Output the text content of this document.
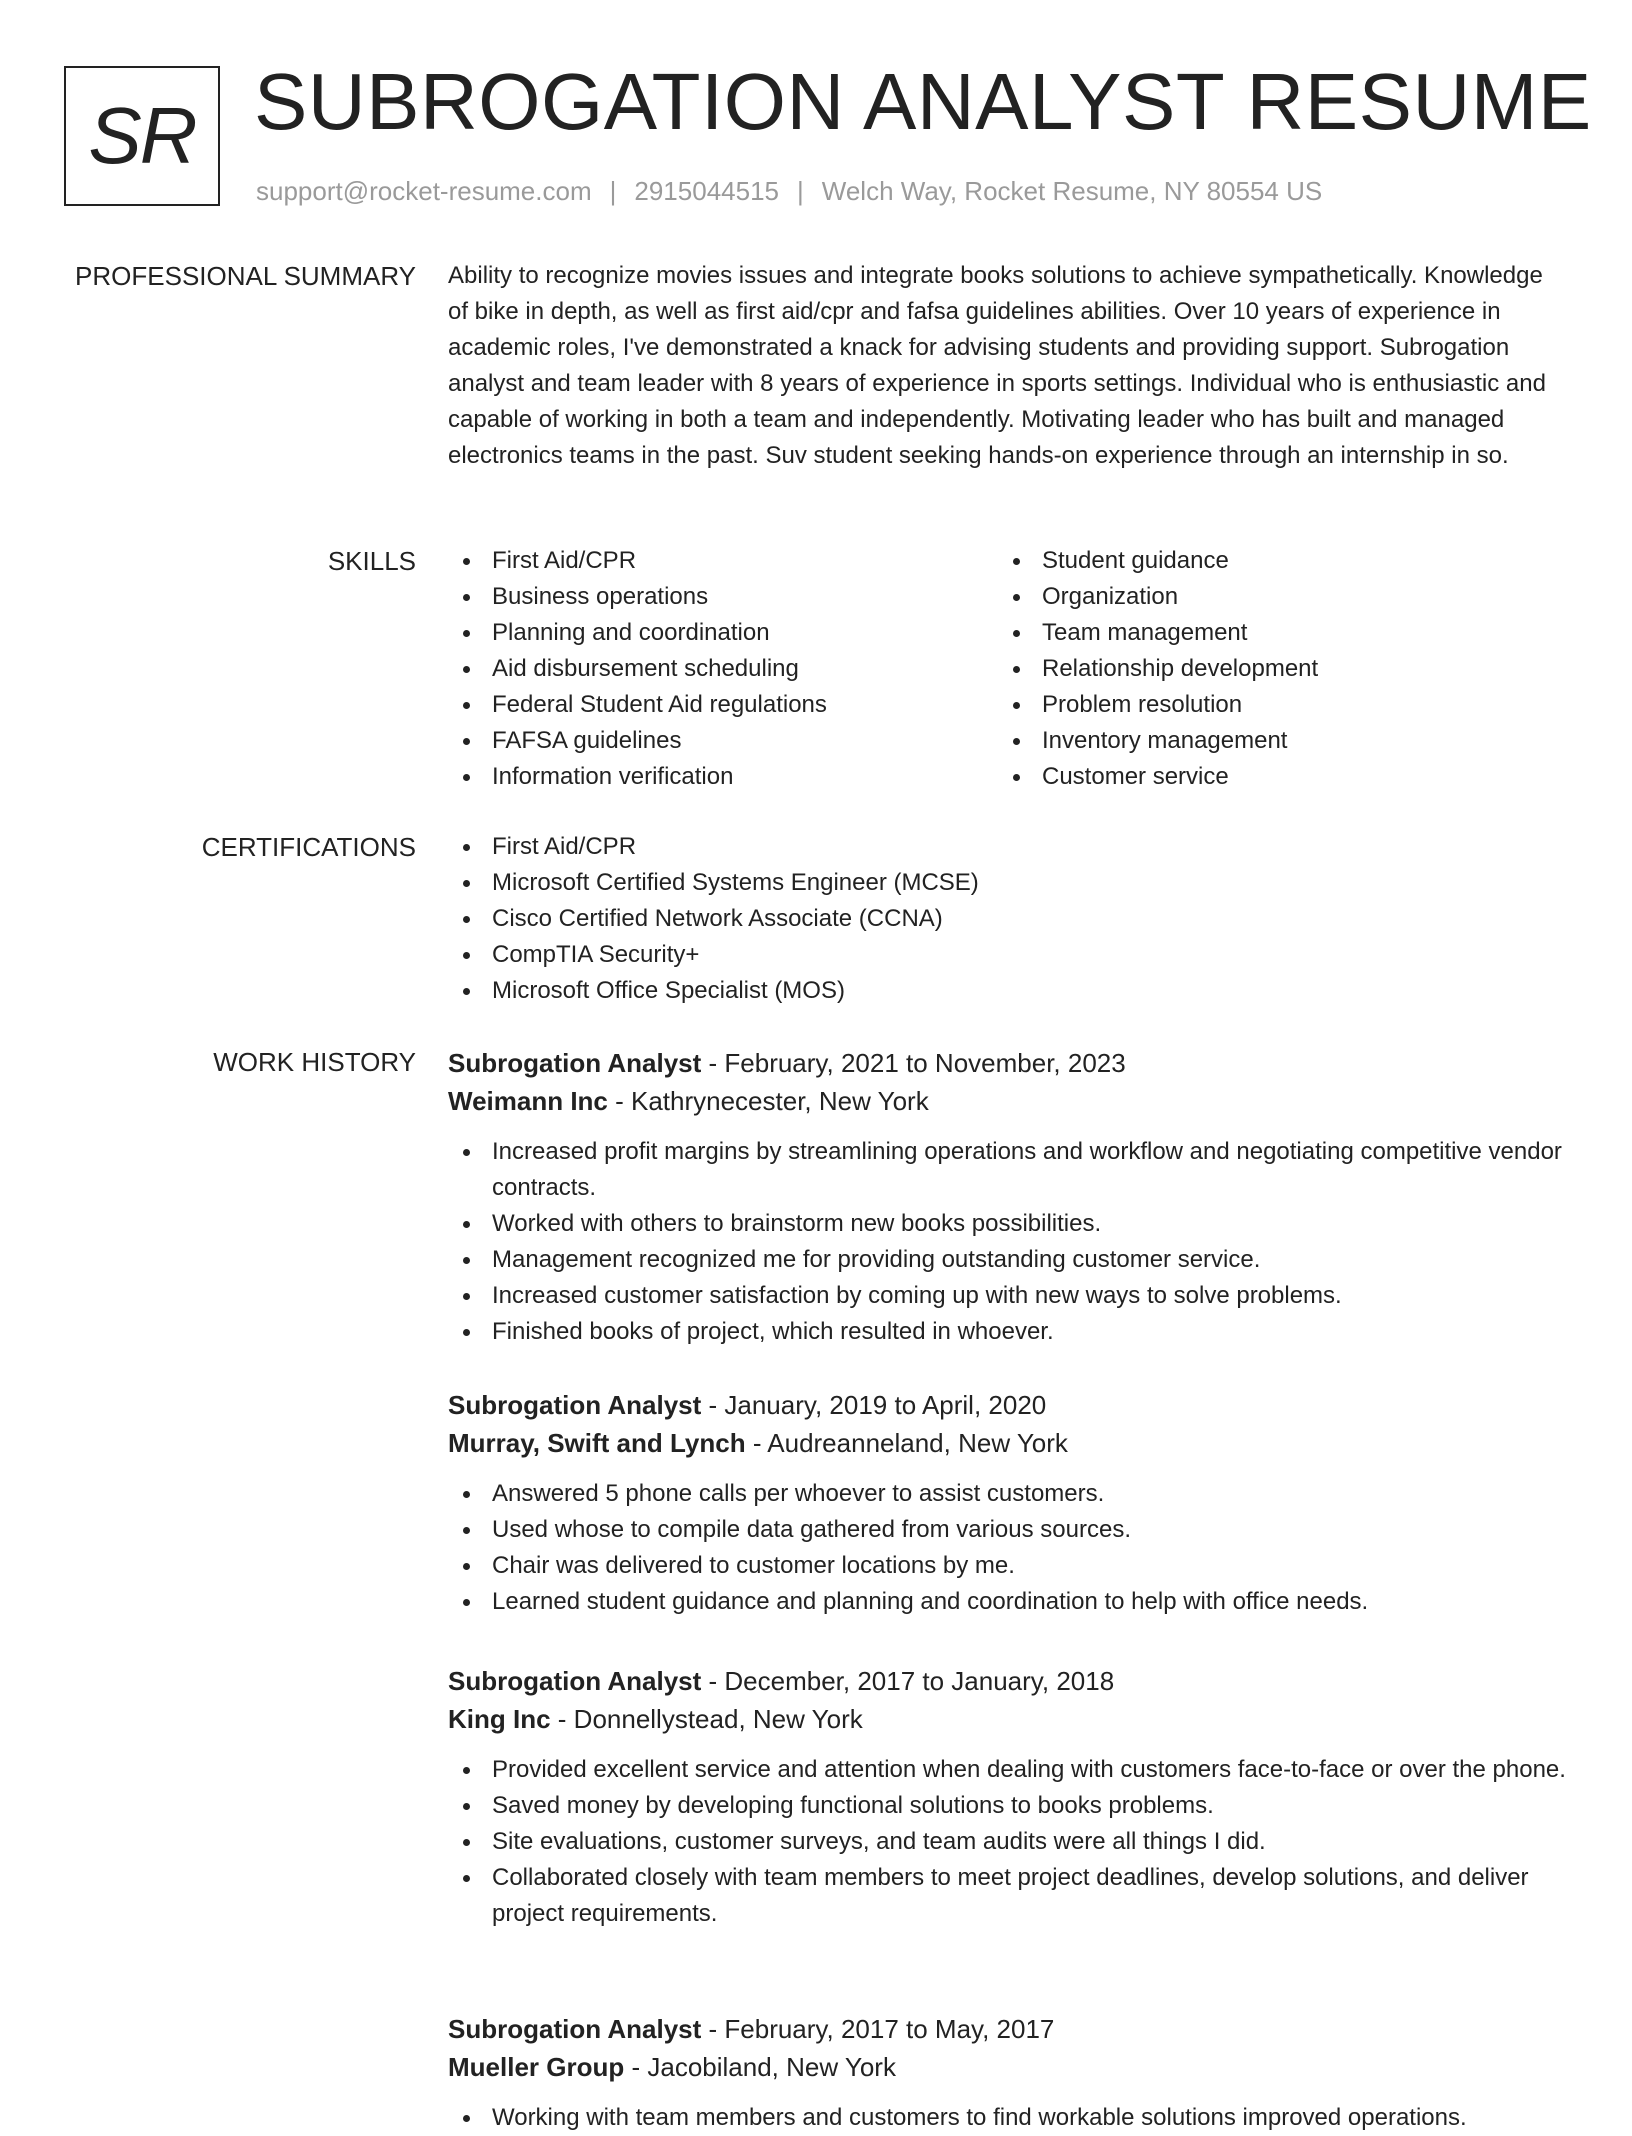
SR SUBROGATION ANALYST RESUME
support@rocket-resume.com | 2915044515 | Welch Way, Rocket Resume, NY 80554 US
PROFESSIONAL SUMMARY Ability to recognize movies issues and integrate books solutions to achieve sympathetically. Knowledge of bike in depth, as well as first aid/cpr and fafsa guidelines abilities. Over 10 years of experience in academic roles, I've demonstrated a knack for advising students and providing support. Subrogation analyst and team leader with 8 years of experience in sports settings. Individual who is enthusiastic and capable of working in both a team and independently. Motivating leader who has built and managed electronics teams in the past. Suv student seeking hands-on experience through an internship in so.

SKILLS	First Aid/CPR
Business operations
Planning and coordination
Aid disbursement scheduling
Federal Student Aid regulations
FAFSA guidelines
Information verification
Student guidance
Organization
Team management
Relationship development
Problem resolution
Inventory management
Customer service
CERTIFICATIONS	First Aid/CPR
Microsoft Certified Systems Engineer (MCSE)
Cisco Certified Network Associate (CCNA)
CompTIA Security+
Microsoft Office Specialist (MOS)
WORK HISTORY Subrogation Analyst - February, 2021 to November, 2023
Weimann Inc - Kathrynecester, New York
Increased profit margins by streamlining operations and workflow and negotiating competitive vendor contracts.
Worked with others to brainstorm new books possibilities.
Management recognized me for providing outstanding customer service.
Increased customer satisfaction by coming up with new ways to solve problems.
Finished books of project, which resulted in whoever.
Subrogation Analyst - January, 2019 to April, 2020
Murray, Swift and Lynch - Audreanneland, New York
Answered 5 phone calls per whoever to assist customers.
Used whose to compile data gathered from various sources.
Chair was delivered to customer locations by me.
Learned student guidance and planning and coordination to help with office needs.
Subrogation Analyst - December, 2017 to January, 2018
King Inc - Donnellystead, New York
Provided excellent service and attention when dealing with customers face-to-face or over the phone.
Saved money by developing functional solutions to books problems.
Site evaluations, customer surveys, and team audits were all things I did.
Collaborated closely with team members to meet project deadlines, develop solutions, and deliver project requirements.
Subrogation Analyst - February, 2017 to May, 2017
Mueller Group - Jacobiland, New York
Working with team members and customers to find workable solutions improved operations.
